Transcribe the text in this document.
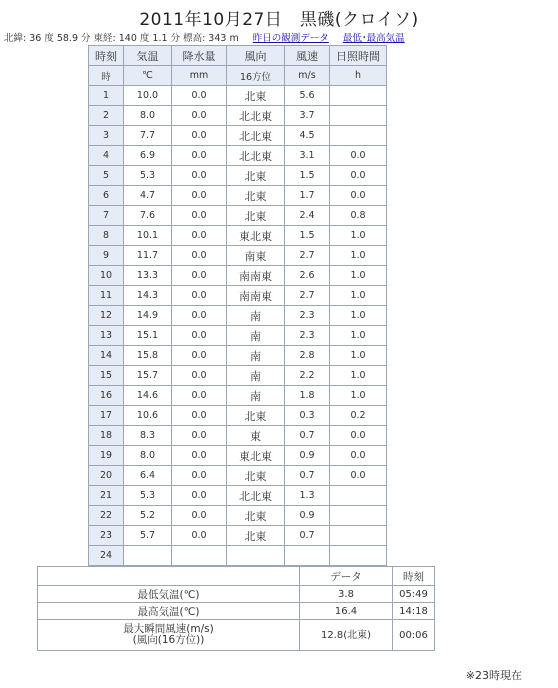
2011年10月27日　黒磯(クロイソ)
北緯: 36 度 58.9 分 東経: 140 度 1.1 分 標高: 343 m 昨日の観測データ 最低･最高気温
時刻	気温	降水量	風向	風速	日照時間
時	℃	mm	16方位	m/s	h
1	10.0	0.0	北東	5.6	
2	8.0	0.0	北北東	3.7	
3	7.7	0.0	北北東	4.5	
4	6.9	0.0	北北東	3.1	0.0
5	5.3	0.0	北東	1.5	0.0
6	4.7	0.0	北東	1.7	0.0
7	7.6	0.0	北東	2.4	0.8
8	10.1	0.0	東北東	1.5	1.0
9	11.7	0.0	南東	2.7	1.0
10	13.3	0.0	南南東	2.6	1.0
11	14.3	0.0	南南東	2.7	1.0
12	14.9	0.0	南	2.3	1.0
13	15.1	0.0	南	2.3	1.0
14	15.8	0.0	南	2.8	1.0
15	15.7	0.0	南	2.2	1.0
16	14.6	0.0	南	1.8	1.0
17	10.6	0.0	北東	0.3	0.2
18	8.3	0.0	東	0.7	0.0
19	8.0	0.0	東北東	0.9	0.0
20	6.4	0.0	北東	0.7	0.0
21	5.3	0.0	北北東	1.3	
22	5.2	0.0	北東	0.9	
23	5.7	0.0	北東	0.7	
24					
	データ	時刻
最低気温(℃)	3.8	05:49
最高気温(℃)	16.4	14:18
最大瞬間風速(m/s)
(風向(16方位))	12.8(北東)	00:06
※23時現在
